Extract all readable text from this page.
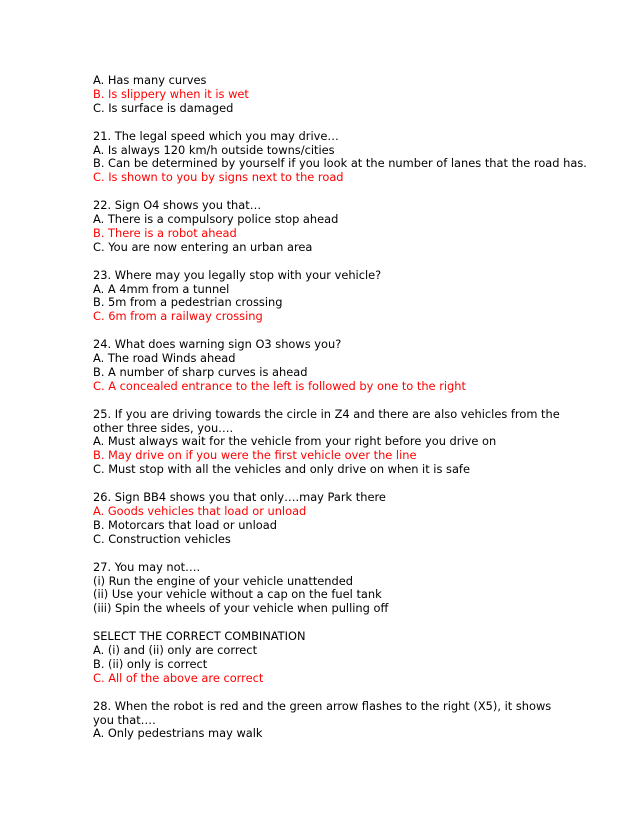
A. Has many curves
B. Is slippery when it is wet
C. Is surface is damaged
21. The legal speed which you may drive…
A. Is always 120 km/h outside towns/cities
B. Can be determined by yourself if you look at the number of lanes that the road has.
C. Is shown to you by signs next to the road
22. Sign O4 shows you that…
A. There is a compulsory police stop ahead
B. There is a robot ahead
C. You are now entering an urban area
23. Where may you legally stop with your vehicle?
A. A 4mm from a tunnel
B. 5m from a pedestrian crossing
C. 6m from a railway crossing
24. What does warning sign O3 shows you?
A. The road Winds ahead
B. A number of sharp curves is ahead
C. A concealed entrance to the left is followed by one to the right
25. If you are driving towards the circle in Z4 and there are also vehicles from the other three sides, you….
A. Must always wait for the vehicle from your right before you drive on
B. May drive on if you were the first vehicle over the line
C. Must stop with all the vehicles and only drive on when it is safe
26. Sign BB4 shows you that only….may Park there
A. Goods vehicles that load or unload
B. Motorcars that load or unload
C. Construction vehicles
27. You may not….
(i) Run the engine of your vehicle unattended
(ii) Use your vehicle without a cap on the fuel tank
(iii) Spin the wheels of your vehicle when pulling off
SELECT THE CORRECT COMBINATION
A. (i) and (ii) only are correct
B. (ii) only is correct
C. All of the above are correct
28. When the robot is red and the green arrow flashes to the right (X5), it shows you that….
A. Only pedestrians may walk
